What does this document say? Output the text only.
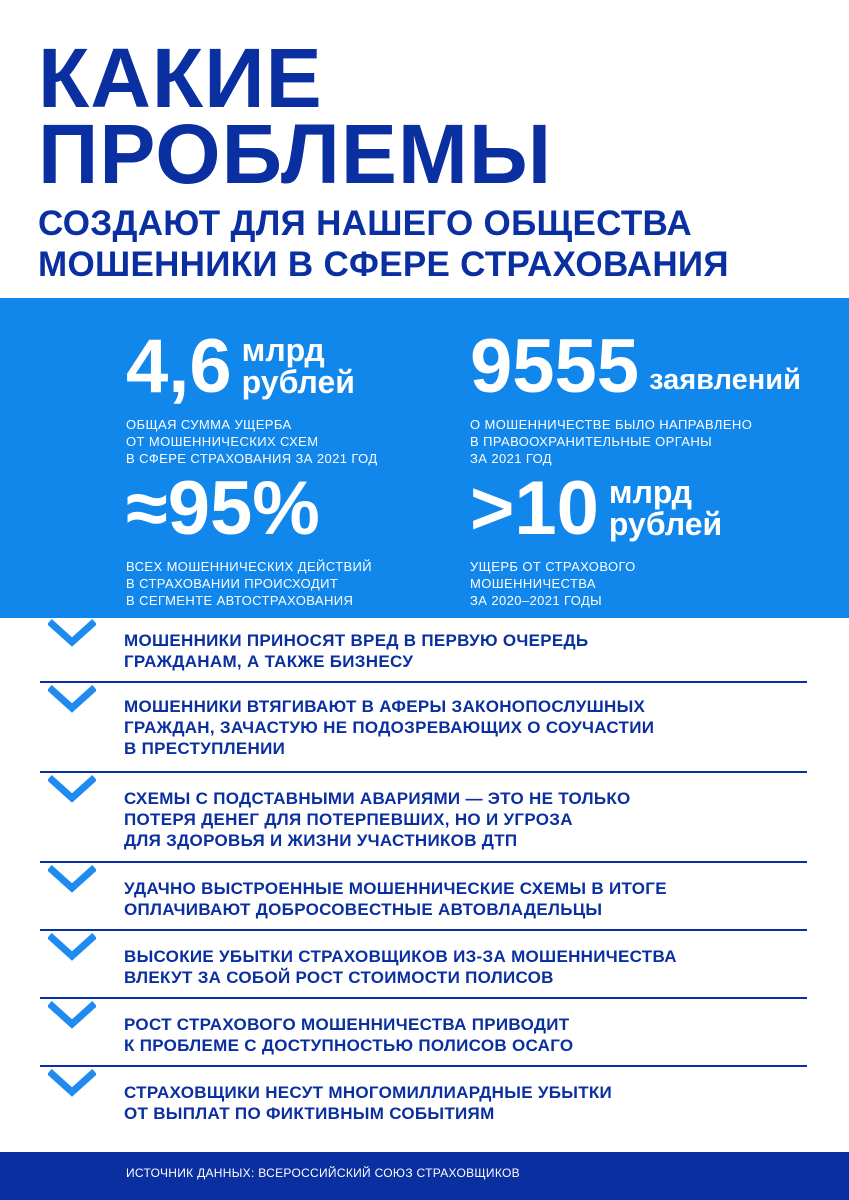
КАКИЕ
ПРОБЛЕМЫ
СОЗДАЮТ ДЛЯ НАШЕГО ОБЩЕСТВА
МОШЕННИКИ В СФЕРЕ СТРАХОВАНИЯ
4,6 млрд
рублей
ОБЩАЯ СУММА УЩЕРБА
ОТ МОШЕННИЧЕСКИХ СХЕМ
В СФЕРЕ СТРАХОВАНИЯ ЗА 2021 ГОД
9555 заявлений
О МОШЕННИЧЕСТВЕ БЫЛО НАПРАВЛЕНО
В ПРАВООХРАНИТЕЛЬНЫЕ ОРГАНЫ
ЗА 2021 ГОД
≈95%
ВСЕХ МОШЕННИЧЕСКИХ ДЕЙСТВИЙ
В СТРАХОВАНИИ ПРОИСХОДИТ
В СЕГМЕНТЕ АВТОСТРАХОВАНИЯ
>10 млрд
рублей
УЩЕРБ ОТ СТРАХОВОГО
МОШЕННИЧЕСТВА
ЗА 2020–2021 ГОДЫ
МОШЕННИКИ ПРИНОСЯТ ВРЕД В ПЕРВУЮ ОЧЕРЕДЬ
ГРАЖДАНАМ, А ТАКЖЕ БИЗНЕСУ
МОШЕННИКИ ВТЯГИВАЮТ В АФЕРЫ ЗАКОНОПОСЛУШНЫХ
ГРАЖДАН, ЗАЧАСТУЮ НЕ ПОДОЗРЕВАЮЩИХ О СОУЧАСТИИ
В ПРЕСТУПЛЕНИИ
СХЕМЫ С ПОДСТАВНЫМИ АВАРИЯМИ — ЭТО НЕ ТОЛЬКО
ПОТЕРЯ ДЕНЕГ ДЛЯ ПОТЕРПЕВШИХ, НО И УГРОЗА
ДЛЯ ЗДОРОВЬЯ И ЖИЗНИ УЧАСТНИКОВ ДТП
УДАЧНО ВЫСТРОЕННЫЕ МОШЕННИЧЕСКИЕ СХЕМЫ В ИТОГЕ
ОПЛАЧИВАЮТ ДОБРОСОВЕСТНЫЕ АВТОВЛАДЕЛЬЦЫ
ВЫСОКИЕ УБЫТКИ СТРАХОВЩИКОВ ИЗ-ЗА МОШЕННИЧЕСТВА
ВЛЕКУТ ЗА СОБОЙ РОСТ СТОИМОСТИ ПОЛИСОВ
РОСТ СТРАХОВОГО МОШЕННИЧЕСТВА ПРИВОДИТ
К ПРОБЛЕМЕ С ДОСТУПНОСТЬЮ ПОЛИСОВ ОСАГО
СТРАХОВЩИКИ НЕСУТ МНОГОМИЛЛИАРДНЫЕ УБЫТКИ
ОТ ВЫПЛАТ ПО ФИКТИВНЫМ СОБЫТИЯМ
ИСТОЧНИК ДАННЫХ: ВСЕРОССИЙСКИЙ СОЮЗ СТРАХОВЩИКОВ
